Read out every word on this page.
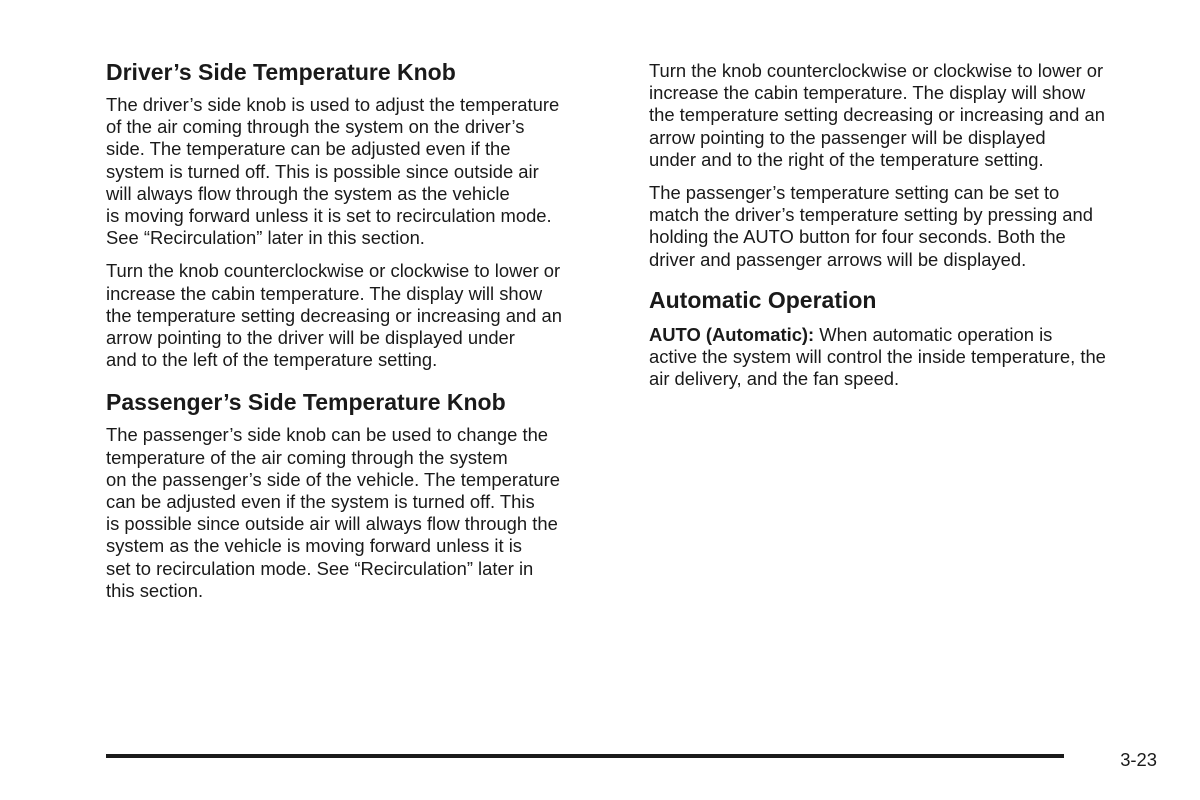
Driver’s Side Temperature Knob

The driver’s side knob is used to adjust the temperature
of the air coming through the system on the driver’s
side. The temperature can be adjusted even if the
system is turned off. This is possible since outside air
will always flow through the system as the vehicle
is moving forward unless it is set to recirculation mode.
See “Recirculation” later in this section.

Turn the knob counterclockwise or clockwise to lower or
increase the cabin temperature. The display will show
the temperature setting decreasing or increasing and an
arrow pointing to the driver will be displayed under
and to the left of the temperature setting.

Passenger’s Side Temperature Knob

The passenger’s side knob can be used to change the
temperature of the air coming through the system
on the passenger’s side of the vehicle. The temperature
can be adjusted even if the system is turned off. This
is possible since outside air will always flow through the
system as the vehicle is moving forward unless it is
set to recirculation mode. See “Recirculation” later in
this section.

Turn the knob counterclockwise or clockwise to lower or
increase the cabin temperature. The display will show
the temperature setting decreasing or increasing and an
arrow pointing to the passenger will be displayed
under and to the right of the temperature setting.

The passenger’s temperature setting can be set to
match the driver’s temperature setting by pressing and
holding the AUTO button for four seconds. Both the
driver and passenger arrows will be displayed.

Automatic Operation

AUTO (Automatic): When automatic operation is
active the system will control the inside temperature, the
air delivery, and the fan speed.

3-23
